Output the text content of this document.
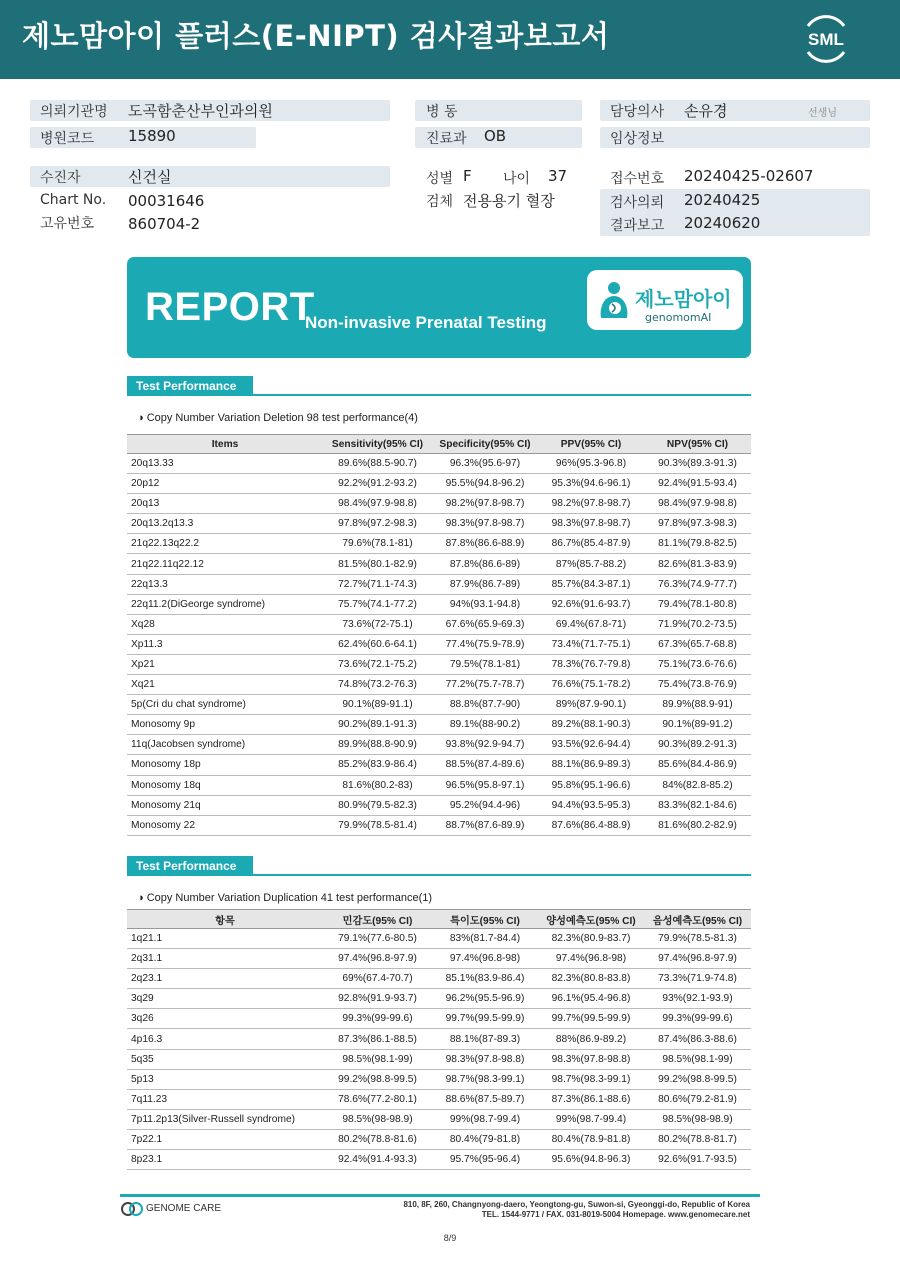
제노맘아이 플러스(E-NIPT) 검사결과보고서	SML
의뢰기관명 도곡함춘산부인과의원
병원코드 15890
수진자	신건실
Chart No. 00031646
고유번호 860704-2
병 동
진료과 OB
성별 F 나이 37
검체 전용용기 혈장
담당의사 손유경	선생님
임상정보
접수번호 20240425-02607
검사의뢰 20240425
결과보고 20240620
REPORT
Non-invasive Prenatal Testing
제노맘아이
genomomAI
Test Performance
◑ Copy Number Variation Deletion 98 test performance(4)
Items	Sensitivity(95% CI)	Specificity(95% CI)	PPV(95% CI)	NPV(95% CI)
20q13.33	89.6%(88.5-90.7)	96.3%(95.6-97)	96%(95.3-96.8)	90.3%(89.3-91.3)
20p12	92.2%(91.2-93.2)	95.5%(94.8-96.2)	95.3%(94.6-96.1)	92.4%(91.5-93.4)
20q13	98.4%(97.9-98.8)	98.2%(97.8-98.7)	98.2%(97.8-98.7)	98.4%(97.9-98.8)
20q13.2q13.3	97.8%(97.2-98.3)	98.3%(97.8-98.7)	98.3%(97.8-98.7)	97.8%(97.3-98.3)
21q22.13q22.2	79.6%(78.1-81)	87.8%(86.6-88.9)	86.7%(85.4-87.9)	81.1%(79.8-82.5)
21q22.11q22.12	81.5%(80.1-82.9)	87.8%(86.6-89)	87%(85.7-88.2)	82.6%(81.3-83.9)
22q13.3	72.7%(71.1-74.3)	87.9%(86.7-89)	85.7%(84.3-87.1)	76.3%(74.9-77.7)
22q11.2(DiGeorge syndrome)	75.7%(74.1-77.2)	94%(93.1-94.8)	92.6%(91.6-93.7)	79.4%(78.1-80.8)
Xq28	73.6%(72-75.1)	67.6%(65.9-69.3)	69.4%(67.8-71)	71.9%(70.2-73.5)
Xp11.3	62.4%(60.6-64.1)	77.4%(75.9-78.9)	73.4%(71.7-75.1)	67.3%(65.7-68.8)
Xp21	73.6%(72.1-75.2)	79.5%(78.1-81)	78.3%(76.7-79.8)	75.1%(73.6-76.6)
Xq21	74.8%(73.2-76.3)	77.2%(75.7-78.7)	76.6%(75.1-78.2)	75.4%(73.8-76.9)
5p(Cri du chat syndrome)	90.1%(89-91.1)	88.8%(87.7-90)	89%(87.9-90.1)	89.9%(88.9-91)
Monosomy 9p	90.2%(89.1-91.3)	89.1%(88-90.2)	89.2%(88.1-90.3)	90.1%(89-91.2)
11q(Jacobsen syndrome)	89.9%(88.8-90.9)	93.8%(92.9-94.7)	93.5%(92.6-94.4)	90.3%(89.2-91.3)
Monosomy 18p	85.2%(83.9-86.4)	88.5%(87.4-89.6)	88.1%(86.9-89.3)	85.6%(84.4-86.9)
Monosomy 18q	81.6%(80.2-83)	96.5%(95.8-97.1)	95.8%(95.1-96.6)	84%(82.8-85.2)
Monosomy 21q	80.9%(79.5-82.3)	95.2%(94.4-96)	94.4%(93.5-95.3)	83.3%(82.1-84.6)
Monosomy 22	79.9%(78.5-81.4)	88.7%(87.6-89.9)	87.6%(86.4-88.9)	81.6%(80.2-82.9)
Test Performance
◑ Copy Number Variation Duplication 41 test performance(1)
항목	민감도(95% CI)	특이도(95% CI)	양성예측도(95% CI)	음성예측도(95% CI)
1q21.1	79.1%(77.6-80.5)	83%(81.7-84.4)	82.3%(80.9-83.7)	79.9%(78.5-81.3)
2q31.1	97.4%(96.8-97.9)	97.4%(96.8-98)	97.4%(96.8-98)	97.4%(96.8-97.9)
2q23.1	69%(67.4-70.7)	85.1%(83.9-86.4)	82.3%(80.8-83.8)	73.3%(71.9-74.8)
3q29	92.8%(91.9-93.7)	96.2%(95.5-96.9)	96.1%(95.4-96.8)	93%(92.1-93.9)
3q26	99.3%(99-99.6)	99.7%(99.5-99.9)	99.7%(99.5-99.9)	99.3%(99-99.6)
4p16.3	87.3%(86.1-88.5)	88.1%(87-89.3)	88%(86.9-89.2)	87.4%(86.3-88.6)
5q35	98.5%(98.1-99)	98.3%(97.8-98.8)	98.3%(97.8-98.8)	98.5%(98.1-99)
5p13	99.2%(98.8-99.5)	98.7%(98.3-99.1)	98.7%(98.3-99.1)	99.2%(98.8-99.5)
7q11.23	78.6%(77.2-80.1)	88.6%(87.5-89.7)	87.3%(86.1-88.6)	80.6%(79.2-81.9)
7p11.2p13(Silver-Russell syndrome)	98.5%(98-98.9)	99%(98.7-99.4)	99%(98.7-99.4)	98.5%(98-98.9)
7p22.1	80.2%(78.8-81.6)	80.4%(79-81.8)	80.4%(78.9-81.8)	80.2%(78.8-81.7)
8p23.1	92.4%(91.4-93.3)	95.7%(95-96.4)	95.6%(94.8-96.3)	92.6%(91.7-93.5)
GENOME CARE	810, 8F, 260, Changnyong-daero, Yeongtong-gu, Suwon-si, Gyeonggi-do, Republic of Korea
TEL. 1544-9771 / FAX. 031-8019-5004 Homepage. www.genomecare.net
8/9
